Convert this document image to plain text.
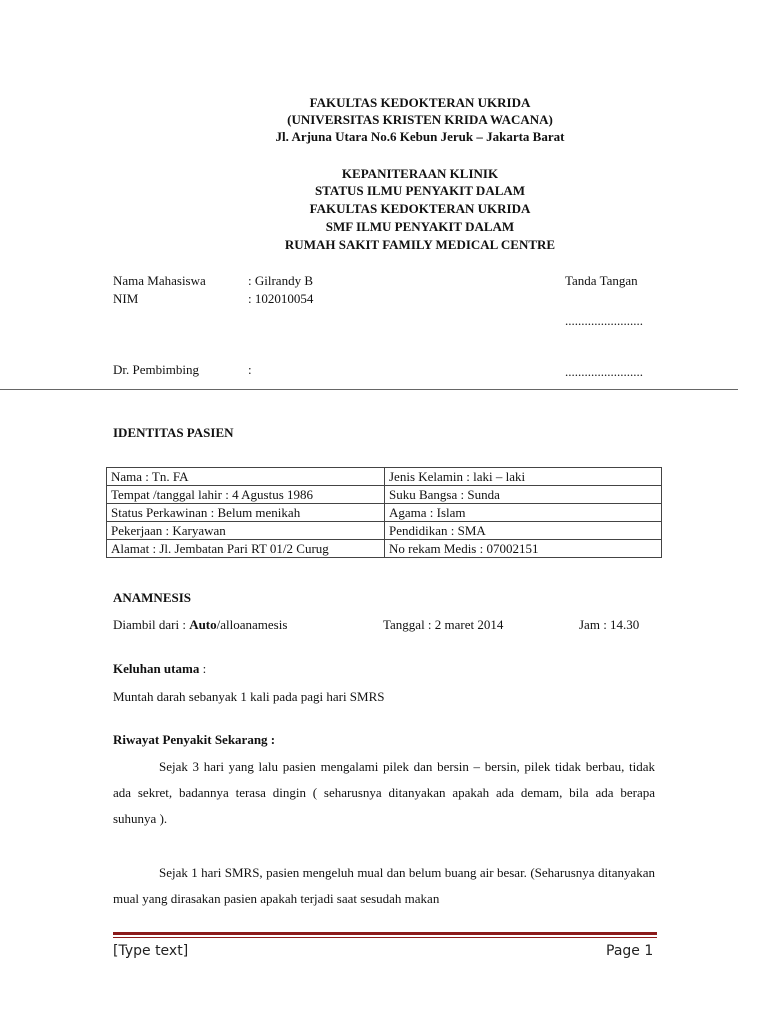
FAKULTAS KEDOKTERAN UKRIDA
(UNIVERSITAS KRISTEN KRIDA WACANA)
Jl. Arjuna Utara No.6 Kebun Jeruk – Jakarta Barat
KEPANITERAAN KLINIK
STATUS ILMU PENYAKIT DALAM
FAKULTAS KEDOKTERAN UKRIDA
SMF ILMU PENYAKIT DALAM
RUMAH SAKIT FAMILY MEDICAL CENTRE
Nama Mahasiswa	: Gilrandy B	Tanda Tangan
NIM	: 102010054
........................
Dr. Pembimbing	:	........................
IDENTITAS PASIEN
Nama : Tn. FA	Jenis Kelamin : laki – laki
Tempat /tanggal lahir : 4 Agustus 1986	Suku Bangsa : Sunda
Status Perkawinan : Belum menikah	Agama : Islam
Pekerjaan : Karyawan	Pendidikan : SMA
Alamat : Jl. Jembatan Pari RT 01/2 Curug	No rekam Medis : 07002151
ANAMNESIS
Diambil dari : Auto/alloanamesis	Tanggal : 2 maret 2014	Jam : 14.30
Keluhan utama :
Muntah darah sebanyak 1 kali pada pagi hari SMRS
Riwayat Penyakit Sekarang :
Sejak 3 hari yang lalu pasien mengalami pilek dan bersin – bersin, pilek tidak berbau, tidak ada sekret, badannya terasa dingin ( seharusnya ditanyakan apakah ada demam, bila ada berapa suhunya ).
Sejak 1 hari SMRS, pasien mengeluh mual dan belum buang air besar. (Seharusnya ditanyakan mual yang dirasakan pasien apakah terjadi saat sesudah makan
[Type text]	Page 1
